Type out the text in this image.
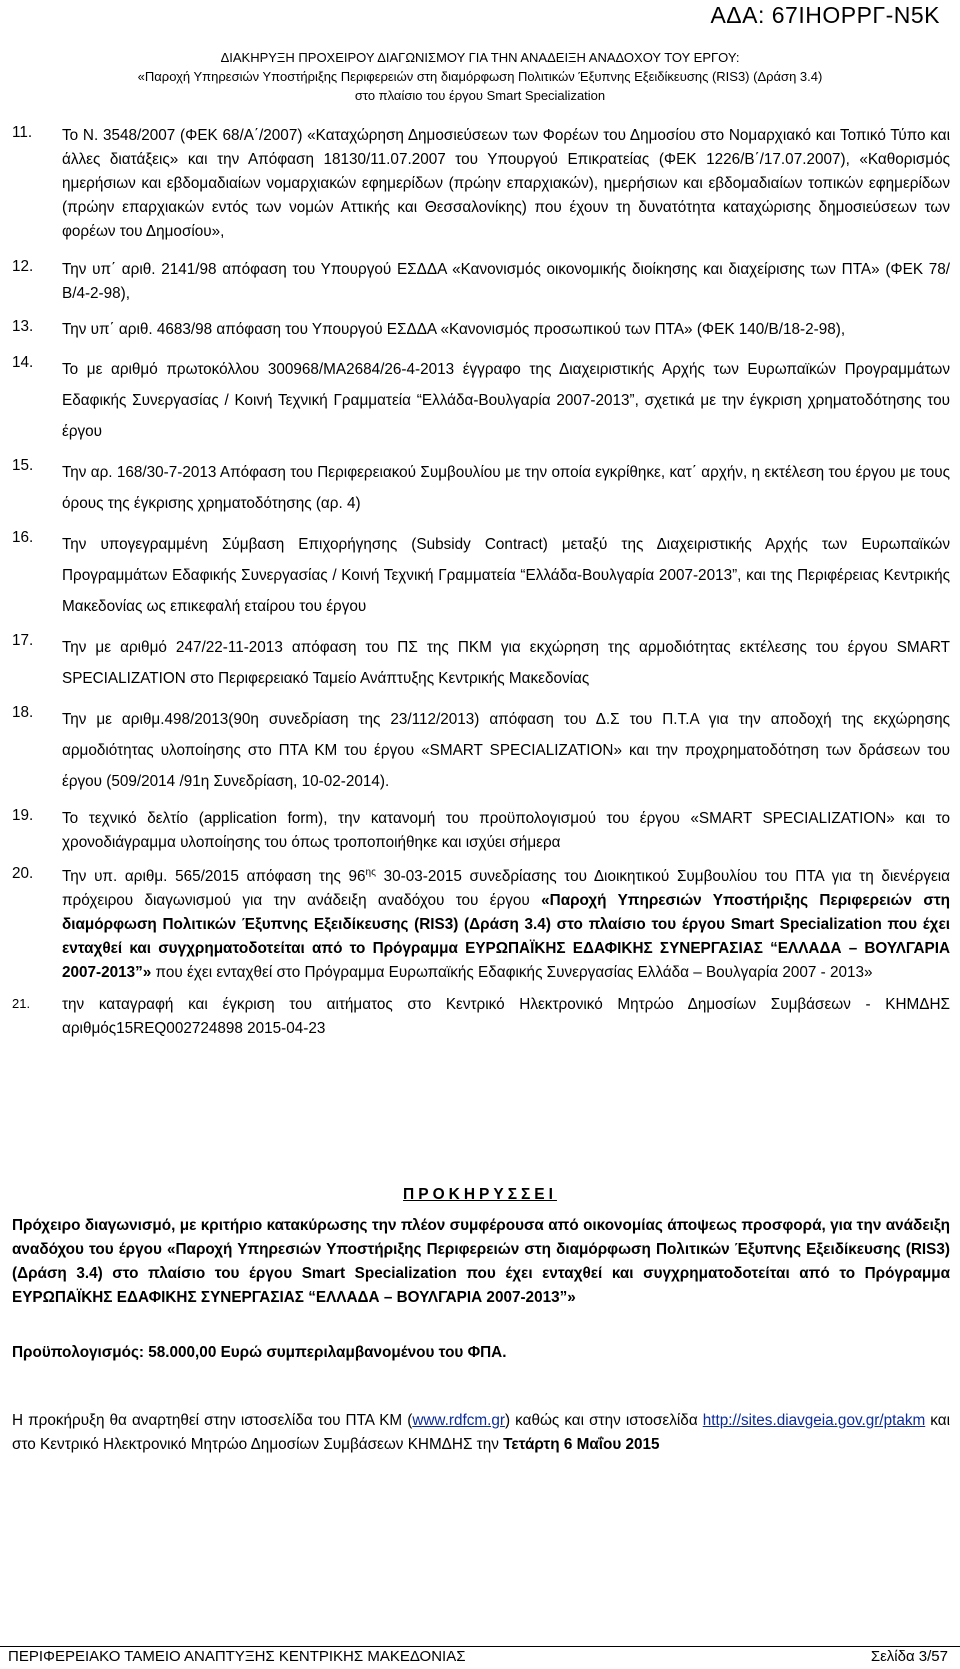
ΑΔΑ: 67ΙΗΟΡΡΓ-Ν5Κ
ΔΙΑΚΗΡΥΞΗ ΠΡΟΧΕΙΡΟΥ ΔΙΑΓΩΝΙΣΜΟΥ ΓΙΑ ΤΗΝ ΑΝΑΔΕΙΞΗ ΑΝΑΔΟΧΟΥ ΤΟΥ ΕΡΓΟΥ:
«Παροχή Υπηρεσιών Υποστήριξης Περιφερειών στη διαμόρφωση Πολιτικών Έξυπνης Εξειδίκευσης (RIS3) (Δράση 3.4)
στο πλαίσιο του έργου Smart Specialization
11. Το Ν. 3548/2007 (ΦΕΚ 68/Α΄/2007) «Καταχώρηση Δημοσιεύσεων των Φορέων του Δημοσίου στο Νομαρχιακό και Τοπικό Τύπο και άλλες διατάξεις» και την Απόφαση 18130/11.07.2007 του Υπουργού Επικρατείας (ΦΕΚ 1226/Β΄/17.07.2007), «Καθορισμός ημερήσιων και εβδομαδιαίων νομαρχιακών εφημερίδων (πρώην επαρχιακών), ημερήσιων και εβδομαδιαίων τοπικών εφημερίδων (πρώην επαρχιακών εντός των νομών Αττικής και Θεσσαλονίκης) που έχουν τη δυνατότητα καταχώρισης δημοσιεύσεων των φορέων του Δημοσίου»,

12. Την υπ΄ αριθ. 2141/98 απόφαση του Υπουργού ΕΣΔΔΑ «Κανονισμός οικονομικής διοίκησης και διαχείρισης των ΠΤΑ» (ΦΕΚ 78/Β/4-2-98),

13. Την υπ΄ αριθ. 4683/98 απόφαση του Υπουργού ΕΣΔΔΑ «Κανονισμός προσωπικού των ΠΤΑ» (ΦΕΚ 140/Β/18-2-98),

14. Το με αριθμό πρωτοκόλλου 300968/ΜΑ2684/26-4-2013 έγγραφο της Διαχειριστικής Αρχής των Ευρωπαϊκών Προγραμμάτων Εδαφικής Συνεργασίας / Κοινή Τεχνική Γραμματεία “Ελλάδα-Βουλγαρία 2007-2013”, σχετικά με την έγκριση χρηματοδότησης του έργου

15. Την αρ. 168/30-7-2013 Απόφαση του Περιφερειακού Συμβουλίου με την οποία εγκρίθηκε, κατ΄ αρχήν, η εκτέλεση του έργου με τους όρους της έγκρισης χρηματοδότησης (αρ. 4)

16. Την υπογεγραμμένη Σύμβαση Επιχορήγησης (Subsidy Contract) μεταξύ της Διαχειριστικής Αρχής των Ευρωπαϊκών Προγραμμάτων Εδαφικής Συνεργασίας / Κοινή Τεχνική Γραμματεία “Ελλάδα-Βουλγαρία 2007-2013”, και της Περιφέρειας Κεντρικής Μακεδονίας ως επικεφαλή εταίρου του έργου

17. Την με αριθμό 247/22-11-2013 απόφαση του ΠΣ της ΠΚΜ για εκχώρηση της αρμοδιότητας εκτέλεσης του έργου SMART SPECIALIZATION στο Περιφερειακό Ταμείο Ανάπτυξης Κεντρικής Μακεδονίας

18. Την με αριθμ.498/2013(90η συνεδρίαση της 23/112/2013) απόφαση του Δ.Σ του Π.Τ.Α για την αποδοχή της εκχώρησης αρμοδιότητας υλοποίησης στο ΠΤΑ ΚΜ του έργου «SMART SPECIALIZATION» και την προχρηματοδότηση των δράσεων του έργου (509/2014 /91η Συνεδρίαση, 10-02-2014).

19. Το τεχνικό δελτίο (application form), την κατανομή του προϋπολογισμού του έργου «SMART SPECIALIZATION» και το χρονοδιάγραμμα υλοποίησης του όπως τροποποιήθηκε και ισχύει σήμερα

20. Την υπ. αριθμ. 565/2015 απόφαση της $96^{\eta\varsigma}$ 30-03-2015 συνεδρίασης του Διοικητικού Συμβουλίου του ΠΤΑ για τη διενέργεια πρόχειρου διαγωνισμού για την ανάδειξη αναδόχου του έργου «Παροχή Υπηρεσιών Υποστήριξης Περιφερειών στη διαμόρφωση Πολιτικών Έξυπνης Εξειδίκευσης (RIS3) (Δράση 3.4) στο πλαίσιο του έργου Smart Specialization που έχει ενταχθεί και συγχρηματοδοτείται από το Πρόγραμμα ΕΥΡΩΠΑΪΚΗΣ ΕΔΑΦΙΚΗΣ ΣΥΝΕΡΓΑΣΙΑΣ “ΕΛΛΑΔΑ – ΒΟΥΛΓΑΡΙΑ 2007-2013”» που έχει ενταχθεί στο Πρόγραμμα Ευρωπαϊκής Εδαφικής Συνεργασίας Ελλάδα – Βουλγαρία 2007 - 2013»

21. την καταγραφή και έγκριση του αιτήματος στο Κεντρικό Ηλεκτρονικό Μητρώο Δημοσίων Συμβάσεων - ΚΗΜΔΗΣ αριθμός15REQ002724898 2015-04-23

ΠΡΟΚΗΡΥΣΣΕΙ
Πρόχειρο διαγωνισμό, με κριτήριο κατακύρωσης την πλέον συμφέρουσα από οικονομίας άποψεως προσφορά, για την ανάδειξη αναδόχου του έργου «Παροχή Υπηρεσιών Υποστήριξης Περιφερειών στη διαμόρφωση Πολιτικών Έξυπνης Εξειδίκευσης (RIS3) (Δράση 3.4) στο πλαίσιο του έργου Smart Specialization που έχει ενταχθεί και συγχρηματοδοτείται από το Πρόγραμμα ΕΥΡΩΠΑΪΚΗΣ ΕΔΑΦΙΚΗΣ ΣΥΝΕΡΓΑΣΙΑΣ “ΕΛΛΑΔΑ – ΒΟΥΛΓΑΡΙΑ 2007-2013”»
Προϋπολογισμός: 58.000,00 Ευρώ συμπεριλαμβανομένου του ΦΠΑ.
Η προκήρυξη θα αναρτηθεί στην ιστοσελίδα του ΠΤΑ ΚΜ (www.rdfcm.gr) καθώς και στην ιστοσελίδα http://sites.diavgeia.gov.gr/ptakm και στο Κεντρικό Ηλεκτρονικό Μητρώο Δημοσίων Συμβάσεων ΚΗΜΔΗΣ την Τετάρτη 6 Μαΐου 2015
ΠΕΡΙΦΕΡΕΙΑΚΟ ΤΑΜΕΙΟ ΑΝΑΠΤΥΞΗΣ ΚΕΝΤΡΙΚΗΣ ΜΑΚΕΔΟΝΙΑΣ	Σελίδα 3/57
